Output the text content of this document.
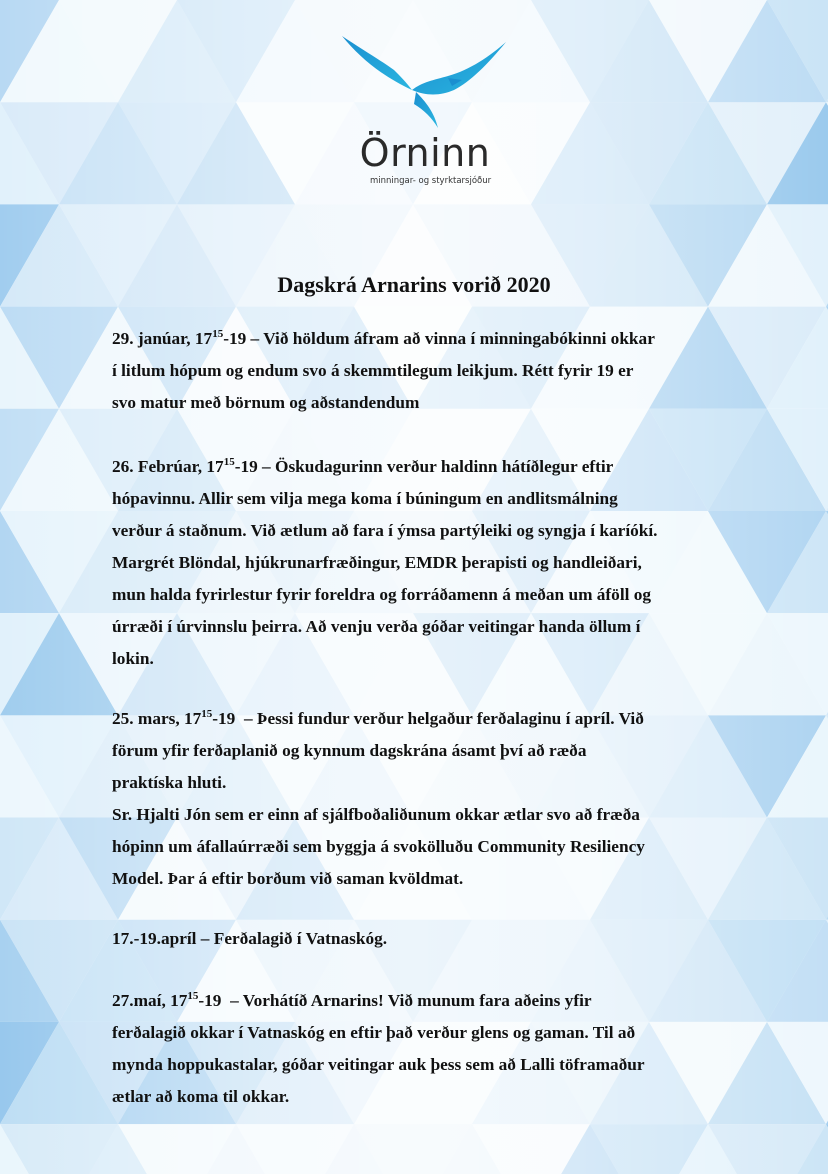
Örninn
minningar- og styrktarsjóður
Dagskrá Arnarins vorið 2020
29. janúar, $17^{15}-19$ – Við höldum áfram að vinna í minningabókinni okkar
í litlum hópum og endum svo á skemmtilegum leikjum. Rétt fyrir 19 er
svo matur með börnum og aðstandendum
26. Febrúar, $17^{15}-19$ – Öskudagurinn verður haldinn hátíðlegur eftir
hópavinnu. Allir sem vilja mega koma í búningum en andlitsmálning
verður á staðnum. Við ætlum að fara í ýmsa partýleiki og syngja í karíókí.
Margrét Blöndal, hjúkrunarfræðingur, EMDR þerapisti og handleiðari,
mun halda fyrirlestur fyrir foreldra og forráðamenn á meðan um áföll og
úrræði í úrvinnslu þeirra. Að venju verða góðar veitingar handa öllum í
lokin.
25. mars, $17^{15}-19$  – Þessi fundur verður helgaður ferðalaginu í apríl. Við
förum yfir ferðaplanið og kynnum dagskrána ásamt því að ræða
praktíska hluti.
Sr. Hjalti Jón sem er einn af sjálfboðaliðunum okkar ætlar svo að fræða
hópinn um áfallaúrræði sem byggja á svokölluðu Community Resiliency
Model. Þar á eftir borðum við saman kvöldmat.
17.-19.apríl – Ferðalagið í Vatnaskóg.
27.maí, $17^{15}-19$  – Vorhátíð Arnarins! Við munum fara aðeins yfir
ferðalagið okkar í Vatnaskóg en eftir það verður glens og gaman. Til að
mynda hoppukastalar, góðar veitingar auk þess sem að Lalli töframaður
ætlar að koma til okkar.
